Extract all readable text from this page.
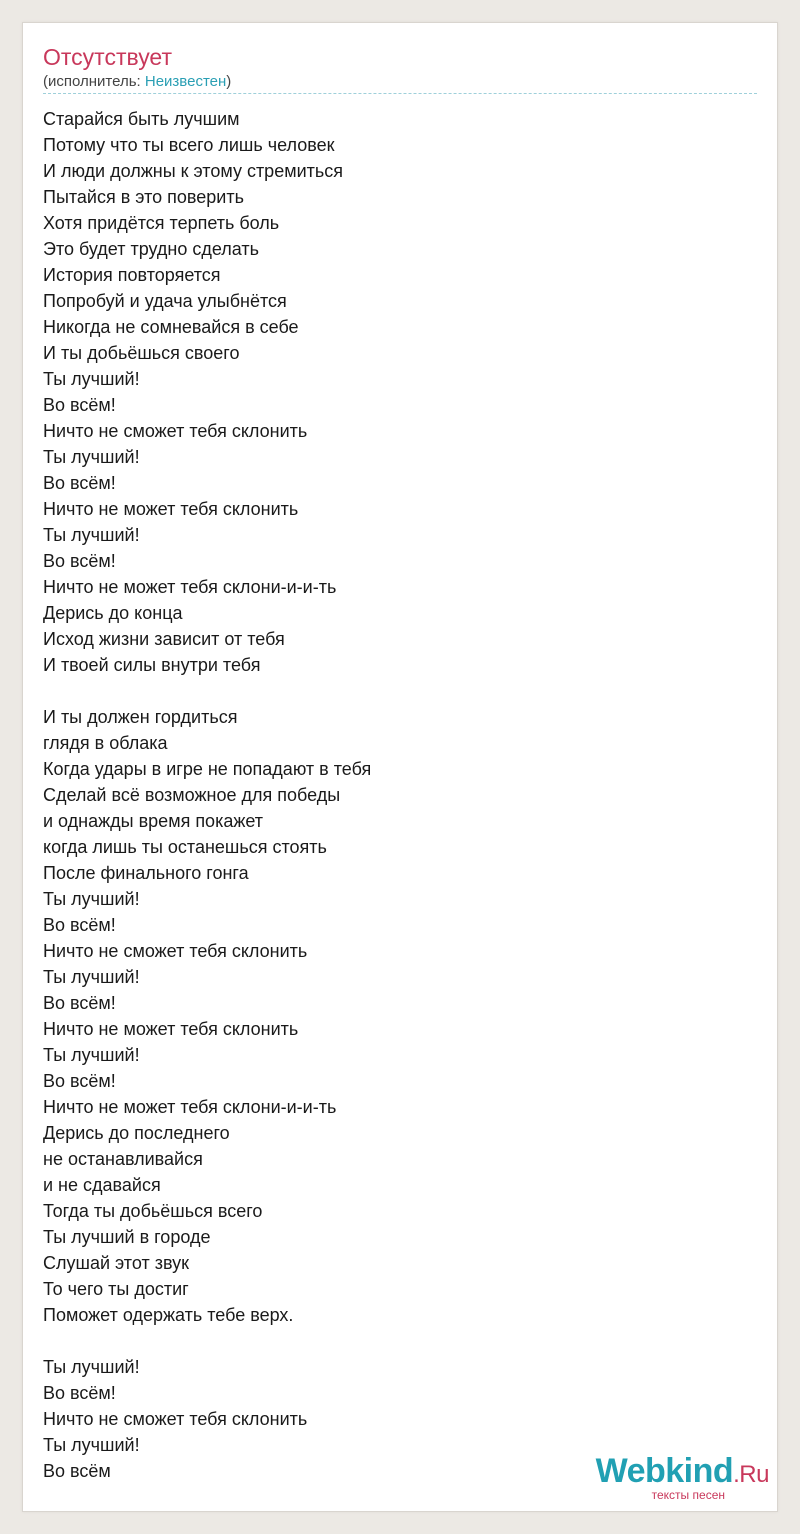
Отсутствует
(исполнитель: Неизвестен)
Старайся быть лучшим
Потому что ты всего лишь человек
И люди должны к этому стремиться
Пытайся в это поверить
Хотя придётся терпеть боль
Это будет трудно сделать
История повторяется
Попробуй и удача улыбнётся
Никогда не сомневайся в себе
И ты добьёшься своего
Ты лучший!
Во всём!
Ничто не сможет тебя склонить
Ты лучший!
Во всём!
Ничто не может тебя склонить
Ты лучший!
Во всём!
Ничто не может тебя склони-и-и-ть
Дерись до конца
Исход жизни зависит от тебя
И твоей силы внутри тебя
И ты должен гордиться
глядя в облака
Когда удары в игре не попадают в тебя
Сделай всё возможное для победы
и однажды время покажет
когда лишь ты останешься стоять
После финального гонга
Ты лучший!
Во всём!
Ничто не сможет тебя склонить
Ты лучший!
Во всём!
Ничто не может тебя склонить
Ты лучший!
Во всём!
Ничто не может тебя склони-и-и-ть
Дерись до последнего
не останавливайся
и не сдавайся
Тогда ты добьёшься всего
Ты лучший в городе
Слушай этот звук
То чего ты достиг
Поможет одержать тебе верх.
Ты лучший!
Во всём!
Ничто не сможет тебя склонить
Ты лучший!
Во всём	Webkind.Ru
тексты песен
